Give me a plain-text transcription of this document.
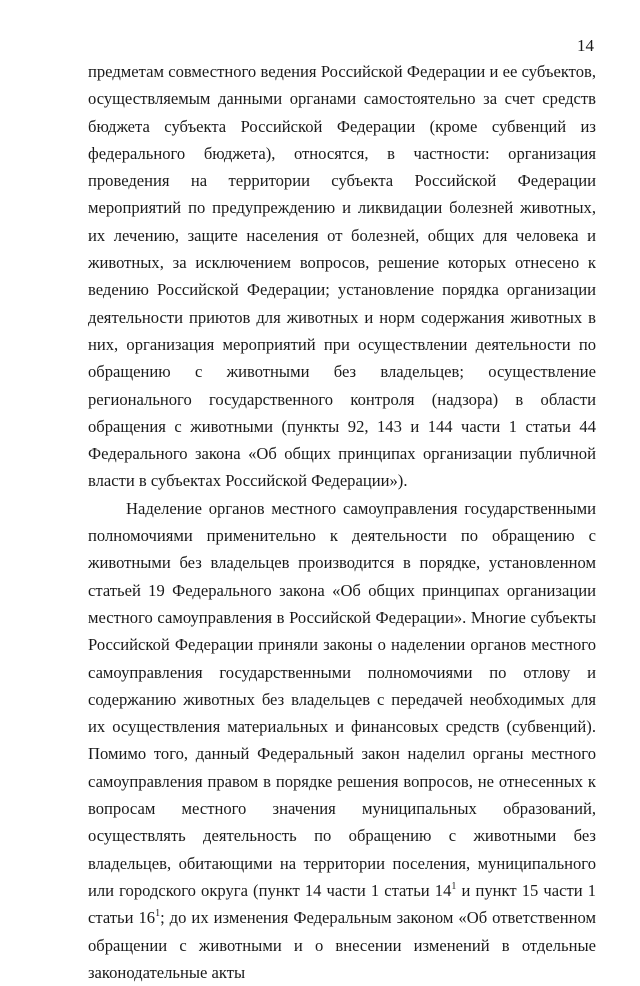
14

предметам совместного ведения Российской Федерации и ее субъектов, осуществляемым данными органами самостоятельно за счет средств бюджета субъекта Российской Федерации (кроме субвенций из федерального бюджета), относятся, в частности: организация проведения на территории субъекта Российской Федерации мероприятий по предупреждению и ликвидации болезней животных, их лечению, защите населения от болезней, общих для человека и животных, за исключением вопросов, решение которых отнесено к ведению Российской Федерации; установление порядка организации деятельности приютов для животных и норм содержания животных в них, организация мероприятий при осуществлении деятельности по обращению с животными без владельцев; осуществление регионального государственного контроля (надзора) в области обращения с животными (пункты 92, 143 и 144 части 1 статьи 44 Федерального закона «Об общих принципах организации публичной власти в субъектах Российской Федерации»).

Наделение органов местного самоуправления государственными полномочиями применительно к деятельности по обращению с животными без владельцев производится в порядке, установленном статьей 19 Федерального закона «Об общих принципах организации местного самоуправления в Российской Федерации». Многие субъекты Российской Федерации приняли законы о наделении органов местного самоуправления государственными полномочиями по отлову и содержанию животных без владельцев с передачей необходимых для их осуществления материальных и финансовых средств (субвенций). Помимо того, данный Федеральный закон наделил органы местного самоуправления правом в порядке решения вопросов, не отнесенных к вопросам местного значения муниципальных образований, осуществлять деятельность по обращению с животными без владельцев, обитающими на территории поселения, муниципального или городского округа (пункт 14 части 1 статьи $14^1$ и пункт 15 части 1 статьи $16^1$; до их изменения Федеральным законом «Об ответственном обращении с животными и о внесении изменений в отдельные законодательные акты
